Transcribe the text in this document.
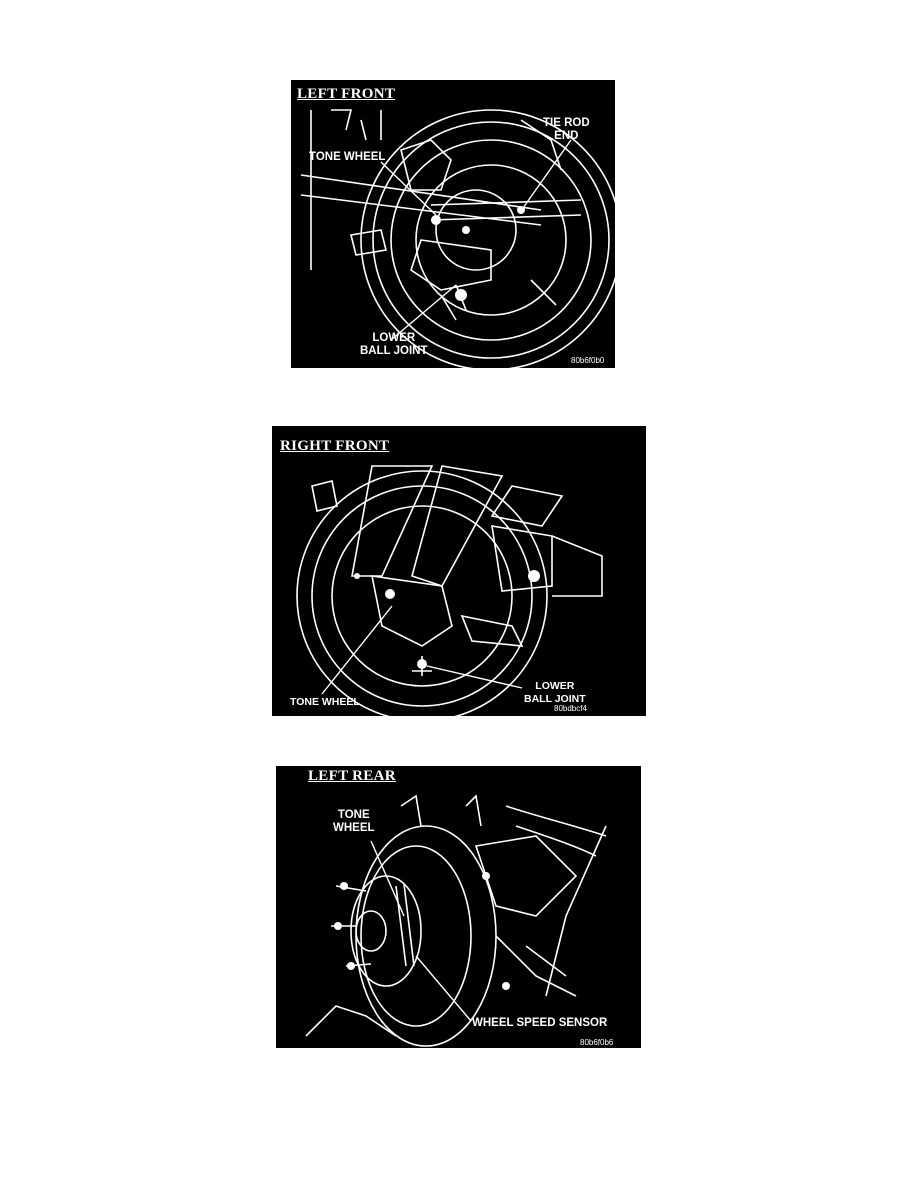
LEFT FRONT
TIE ROD
END
TONE WHEEL
LOWER
BALL JOINT
80b6f0b0
RIGHT FRONT
TONE WHEEL
LOWER
BALL JOINT
80bdbcf4
LEFT REAR
TONE
WHEEL
WHEEL SPEED SENSOR
80b6f0b6
